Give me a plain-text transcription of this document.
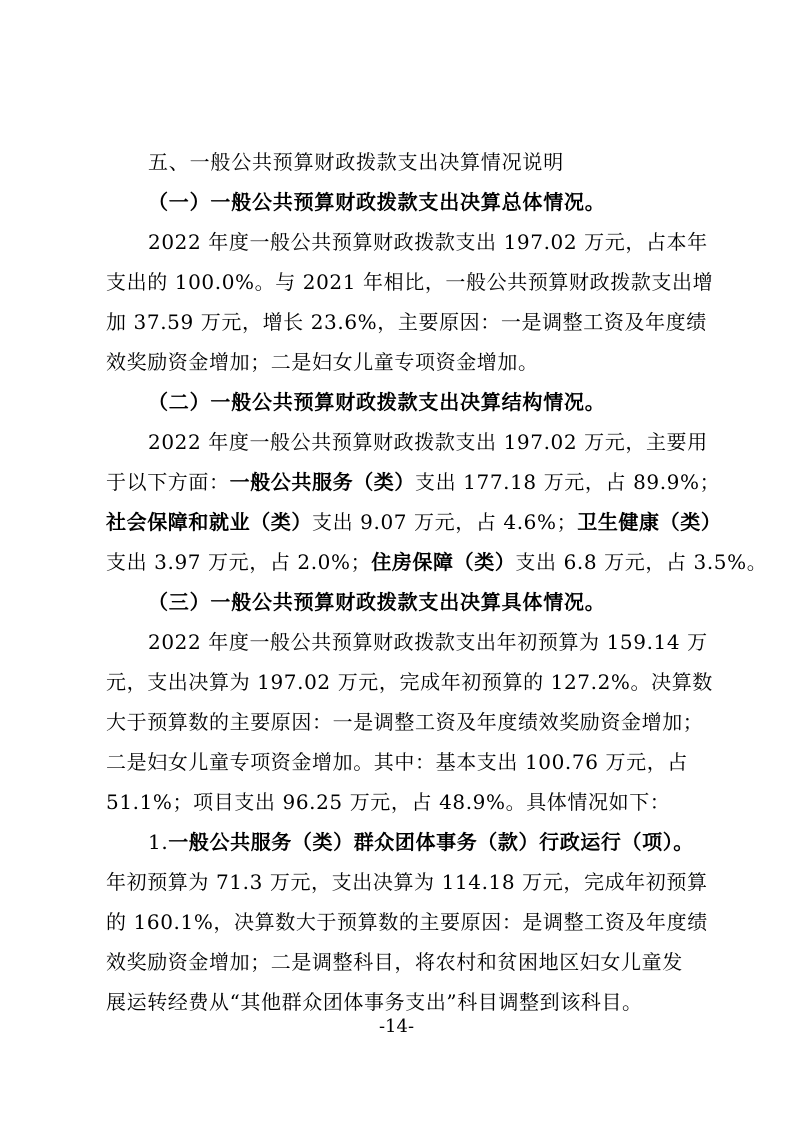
五、一般公共预算财政拨款支出决算情况说明
（一）一般公共预算财政拨款支出决算总体情况。
2022 年度一般公共预算财政拨款支出 197.02 万元，占本年
支出的 100.0%。与 2021 年相比，一般公共预算财政拨款支出增
加 37.59 万元，增长 23.6%，主要原因：一是调整工资及年度绩
效奖励资金增加；二是妇女儿童专项资金增加。
（二）一般公共预算财政拨款支出决算结构情况。
2022 年度一般公共预算财政拨款支出 197.02 万元，主要用
于以下方面：一般公共服务（类）支出 177.18 万元，占 89.9%；
社会保障和就业（类）支出 9.07 万元，占 4.6%；卫生健康（类）
支出 3.97 万元，占 2.0%；住房保障（类）支出 6.8 万元，占 3.5%。
（三）一般公共预算财政拨款支出决算具体情况。
2022 年度一般公共预算财政拨款支出年初预算为 159.14 万
元，支出决算为 197.02 万元，完成年初预算的 127.2%。决算数
大于预算数的主要原因：一是调整工资及年度绩效奖励资金增加；
二是妇女儿童专项资金增加。其中：基本支出 100.76 万元，占
51.1%；项目支出 96.25 万元，占 48.9%。具体情况如下：
1.一般公共服务（类）群众团体事务（款）行政运行（项）。
年初预算为 71.3 万元，支出决算为 114.18 万元，完成年初预算
的 160.1%，决算数大于预算数的主要原因：是调整工资及年度绩
效奖励资金增加；二是调整科目，将农村和贫困地区妇女儿童发
展运转经费从“其他群众团体事务支出”科目调整到该科目。
-14-
